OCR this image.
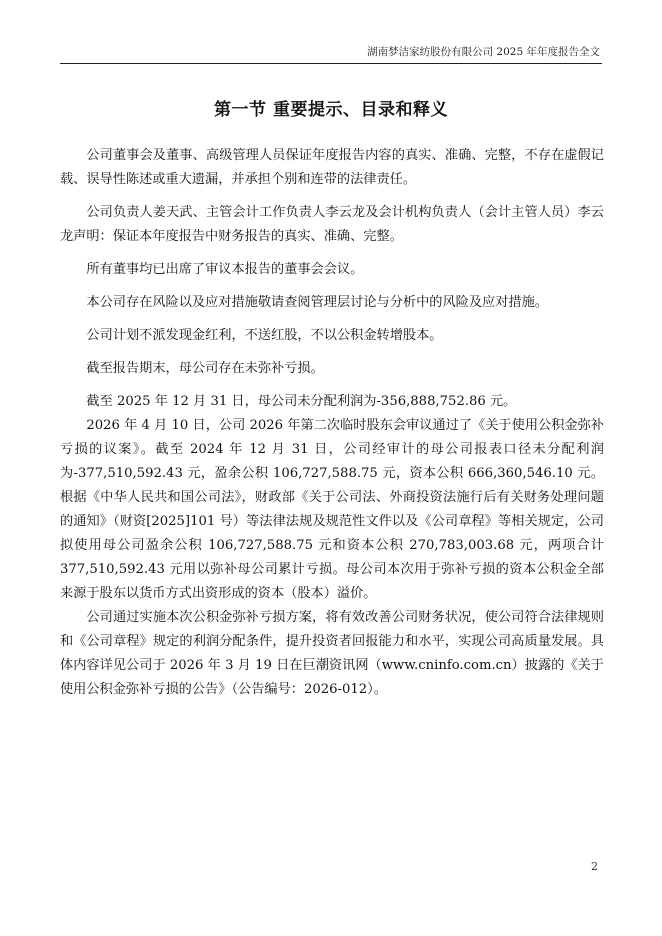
湖南梦洁家纺股份有限公司 2025 年年度报告全文
第一节 重要提示、目录和释义

公司董事会及董事、高级管理人员保证年度报告内容的真实、准确、完整，不存在虚假记载、误导性陈述或重大遗漏，并承担个别和连带的法律责任。

公司负责人姜天武、主管会计工作负责人李云龙及会计机构负责人（会计主管人员）李云龙声明：保证本年度报告中财务报告的真实、准确、完整。

所有董事均已出席了审议本报告的董事会会议。

本公司存在风险以及应对措施敬请查阅管理层讨论与分析中的风险及应对措施。

公司计划不派发现金红利，不送红股，不以公积金转增股本。

截至报告期末，母公司存在未弥补亏损。

截至 2025 年 12 月 31 日，母公司未分配利润为-356,888,752.86 元。

2026 年 4 月 10 日，公司 2026 年第二次临时股东会审议通过了《关于使用公积金弥补亏损的议案》。截至 2024 年 12 月 31 日，公司经审计的母公司报表口径未分配利润为-377,510,592.43 元，盈余公积 106,727,588.75 元，资本公积 666,360,546.10 元。根据《中华人民共和国公司法》，财政部《关于公司法、外商投资法施行后有关财务处理问题的通知》（财资[2025]101 号）等法律法规及规范性文件以及《公司章程》等相关规定，公司拟使用母公司盈余公积 106,727,588.75 元和资本公积 270,783,003.68 元，两项合计 377,510,592.43 元用以弥补母公司累计亏损。母公司本次用于弥补亏损的资本公积金全部来源于股东以货币方式出资形成的资本（股本）溢价。

公司通过实施本次公积金弥补亏损方案，将有效改善公司财务状况，使公司符合法律规则和《公司章程》规定的利润分配条件，提升投资者回报能力和水平，实现公司高质量发展。具体内容详见公司于 2026 年 3 月 19 日在巨潮资讯网（www.cninfo.com.cn）披露的《关于使用公积金弥补亏损的公告》（公告编号：2026-012）。

2
